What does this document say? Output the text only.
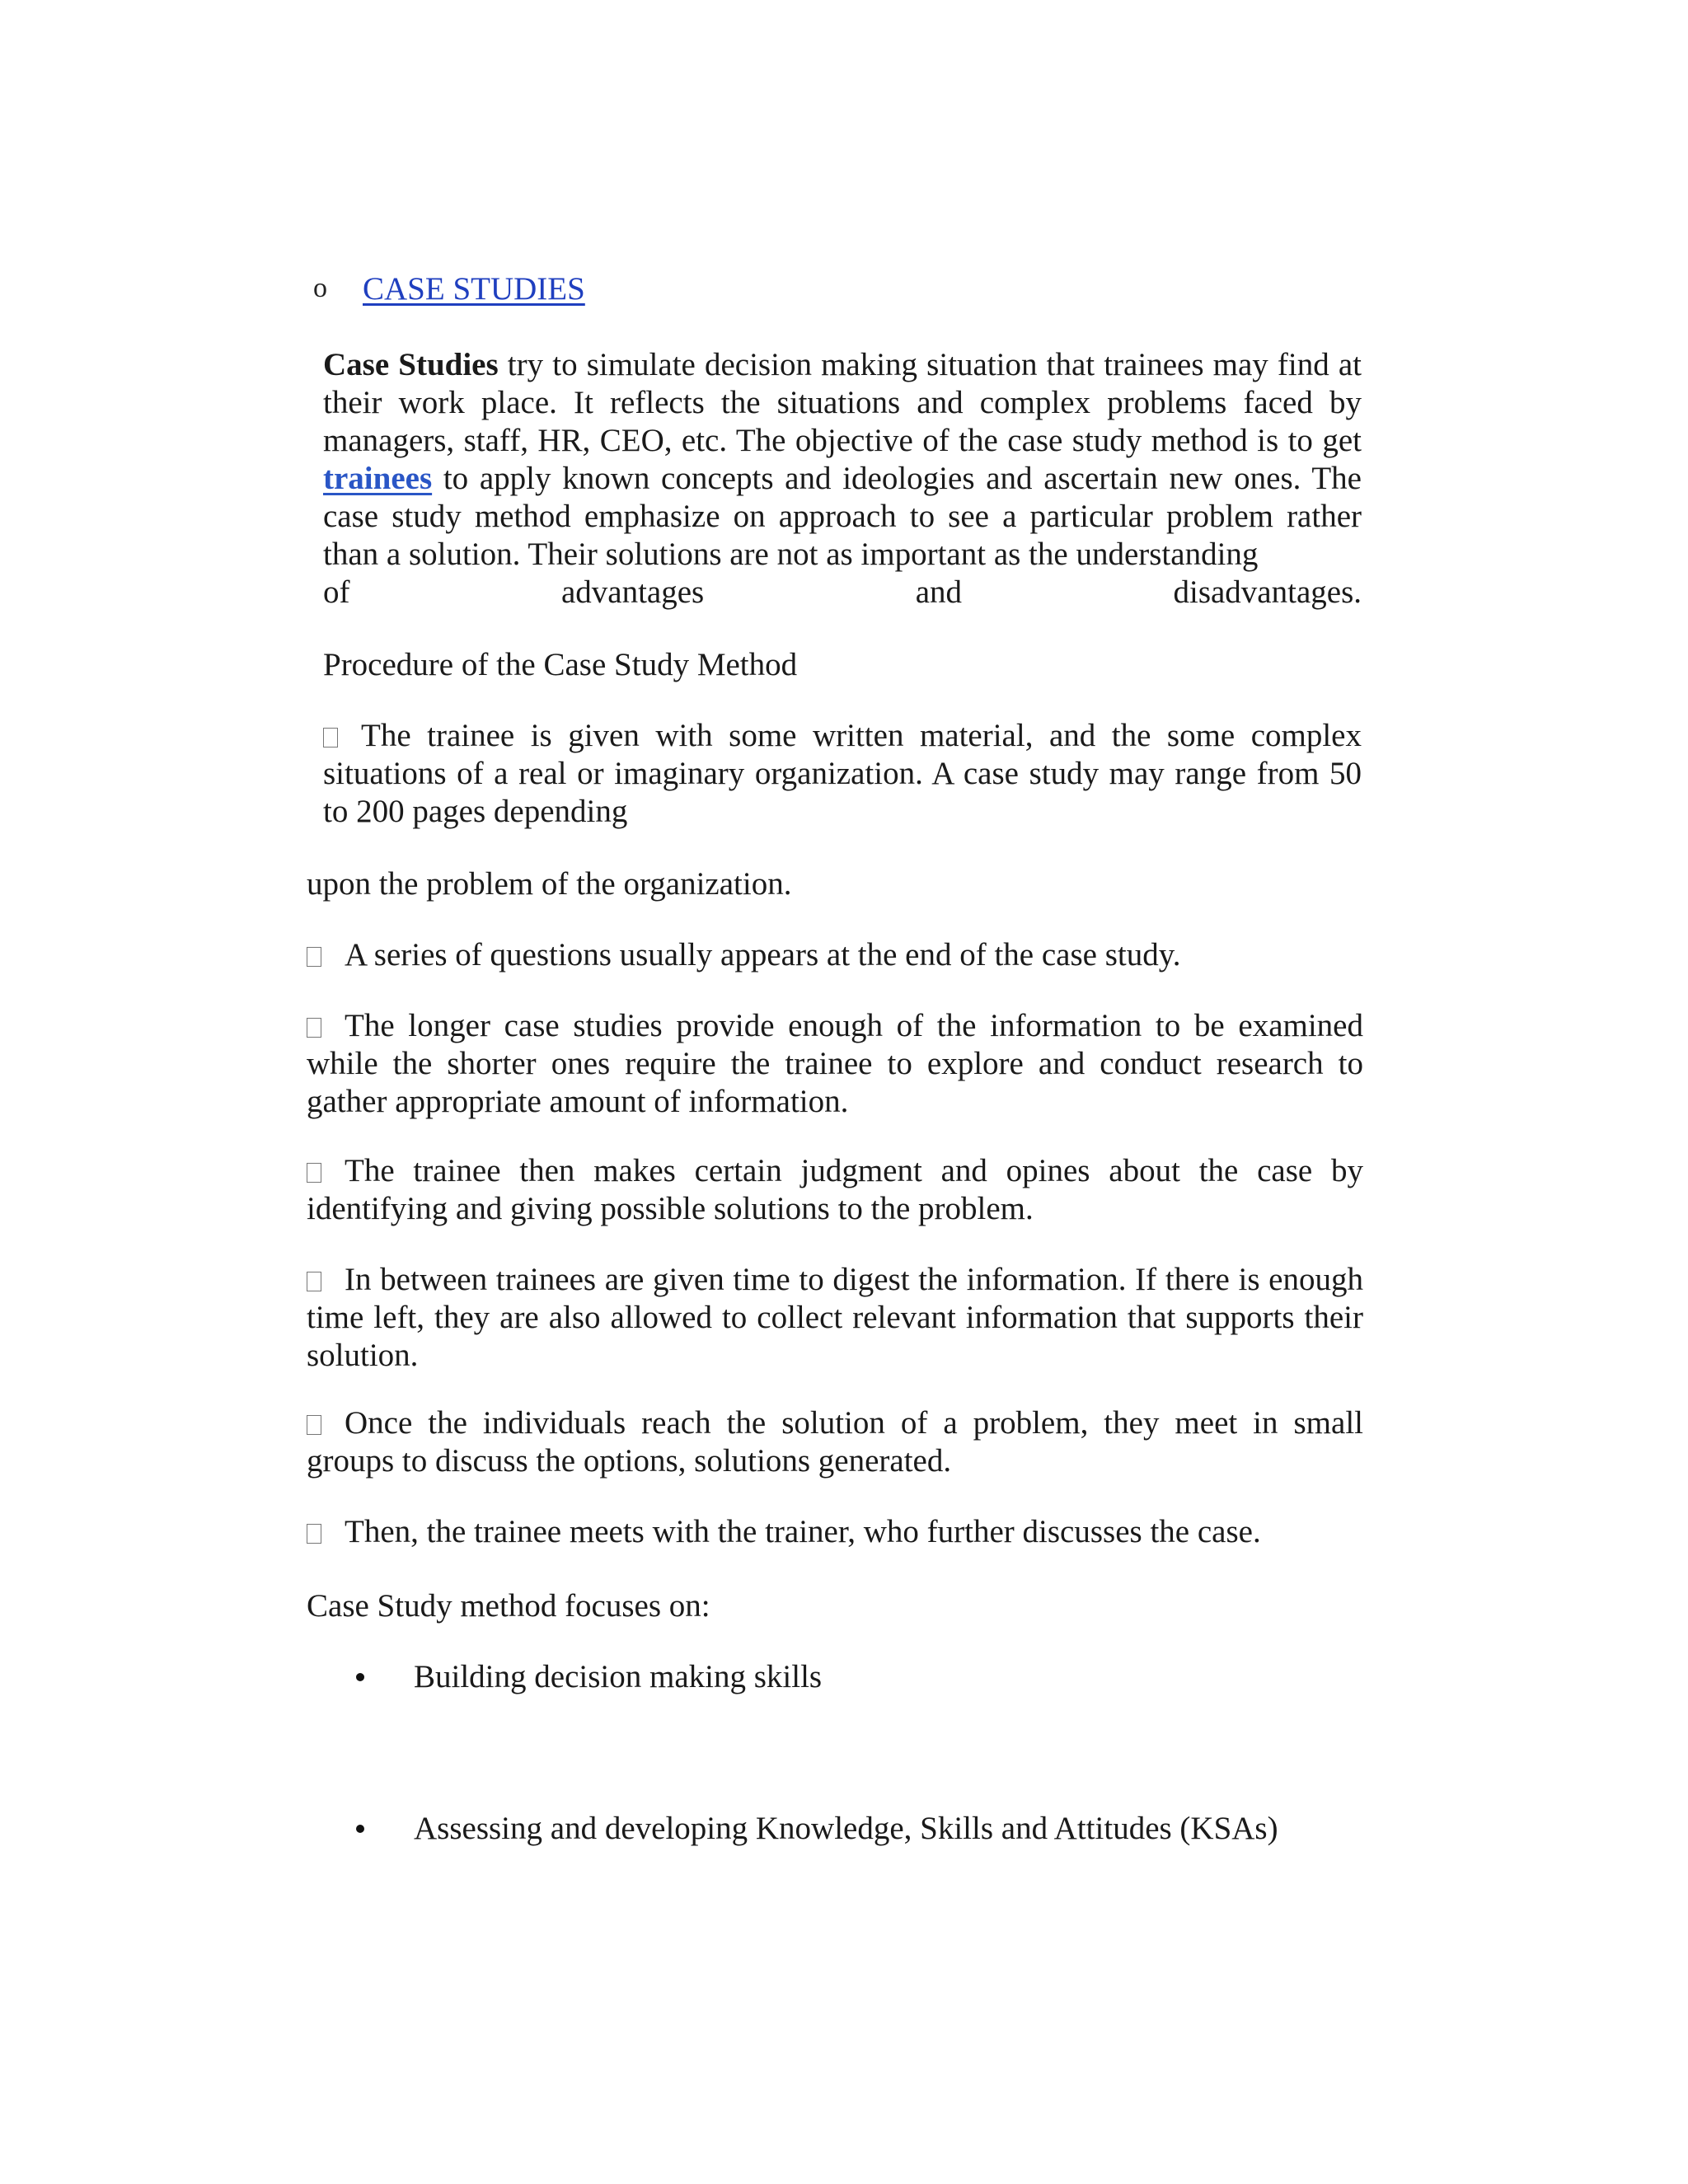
o	CASE STUDIES
Case Studies try to simulate decision making situation that trainees may find at their work place. It reflects the situations and complex problems faced by managers, staff, HR, CEO, etc. The objective of the case study method is to get trainees to apply known concepts and ideologies and ascertain new ones. The case study method emphasize on approach to see a particular problem rather than a solution. Their solutions are not as important as the understanding
of	advantages	and	disadvantages.
Procedure of the Case Study Method
The trainee is given with some written material, and the some complex situations of a real or imaginary organization. A case study may range from 50 to 200 pages depending
upon the problem of the organization.
A series of questions usually appears at the end of the case study.
The longer case studies provide enough of the information to be examined while the shorter ones require the trainee to explore and conduct research to gather appropriate amount of information.
The trainee then makes certain judgment and opines about the case by identifying and giving possible solutions to the problem.
In between trainees are given time to digest the information. If there is enough time left, they are also allowed to collect relevant information that supports their solution.
Once the individuals reach the solution of a problem, they meet in small groups to discuss the options, solutions generated.
Then, the trainee meets with the trainer, who further discusses the case.
Case Study method focuses on:
Building decision making skills
Assessing and developing Knowledge, Skills and Attitudes (KSAs)
